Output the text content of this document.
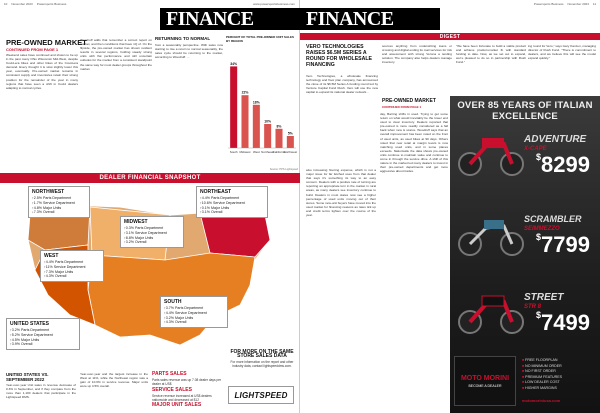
10 November 2023 Powersports Business	www.powersportsbusiness.com
FINANCE
PRE-OWNED MARKET
CONTINUED FROM PAGE 1
Weekend sales have continued and shown to be up in the past many Ohio Wisconsin Mid-West, despite Covid-era bikes and other bikes of the Covid-era demand. Every thought it is slow slightly lower this year, eventually. Pre-owned market remains in consistent supply and inventories retain their strong position for the remainder of the year in many regions that have seen a shift in Covid dealers adapting to normal cycles.
Woodruff adds that remember a correct report on market, and then conditions that have 1Q of. On the flipside, the pre-owned market has shown resilient results in several regions, holding steady strong units with flat performance and still uncertain outlooks for the market from a consistent standpoint the same way for most dealer groups throughout the market.
RETURNING TO NORMAL
from a seasonality perspective. With sales now starting to rise a return to normal seasonality, the sales cycle should be returning to the market, according to Woodruff. ...
PERCENT OF TOTAL PRE-OWNED UNIT SALES BY REGION
34%
South
22%
Midwest
18%
West
10%
Northeast
8%
California
5%
Northwest
Source: PPS Lightspeed
DEALER FINANCIAL SNAPSHOT
NORTHWEST
↑2.5% Parts Department
↑1.7% Service Department
↑4.8% Major Units
↓7.3% Overall
NORTHEAST
↑4.4% Parts Department
↑10.6% Service Department
↑0.1% Major Units
↑3.1% Overall
MIDWEST
↑0.3% Parts Department
↑3.1% Service Department
↑8.8% Major Units
↑3.2% Overall
WEST
↑4.4% Parts Department
↑11% Service Department
↑7.3% Major Units
↑4.3% Overall
SOUTH
↑3.7% Parts Department
↑4.4% Service Department
↑3.2% Major Units
↑4.3% Overall
UNITED STATES
↑3.2% Parts Department
↑5.2% Service Department
↑4.5% Major Units
↑3.9% Overall
UNITED STATES VS. SEPTEMBER 2022
Year-over-year Unit sales in revenue decrease of 0.3% in September, and if they compare from the more than 1,100 dealers that participate in the Lightspeed DMS.
Year-over-year and the largest increase in the West at 11%, while the Northeast region saw a gain of 10.6% in service revenue. Major units were up 4.5% overall.
PARTS SALES
Parts sales revenue was up 7.08 dealer days per dealer at US$
SERVICE SALES
Service revenue increased at US$ dealers nationwide and decreased at $12
MAJOR UNIT SALES
FOR MORE ON THE SAME STORE SALES DATA
For more information on the report and other industry data, contact lightspeeddms.com.
LIGHTSPEED
Powersports Business November 2023 11
FINANCE
DIGEST
VERO TECHNOLOGIES RAISES $6.5M SERIES A ROUND FOR WHOLESALE FINANCING
Vero Technologies, a wholesale financing technology and floor plan company, has announced the close of its $6.5M Series A funding round led by Venture Capital Fund Rush. Vero will use the new capital to expand its national dealer network...
sources anything from underwriting loans or crossing and digital ending its mail services for risk and assessment with strong Verona a lending solution. The company also helps dealers manage inventory.
"We have been fortunate to build a viable product and achieve product-market fit with standard funding to date. Now, as we set out to expand, we're pleased to do so in partnership with Rush Fund."
ing round for Vero," says Gary Kanzen, managing director of Rush Fund. "There is commitment to dealers, and we believe this will see the model expand quickly."
PRE-OWNED MARKET
CONTINUED FROM PAGE 1
also increasing flooring expense, which is not a major issue for far fetched uses from that dealer that says it's something its way to an easy concern. Dealers with a positive rate of turning are reporting an appropriate turn in the market in rural areas, as many dealers see inventory continue to build. Dealers in most states now see a higher percentage of used units moving out of their stores. Some new-unit buyers have moved into the used market for financing reasons as rates tick up and credit terms tighten over the course of the year.
day, Barring shifts in used. Trying to get some return on what would inevitably be the lower end used to clear inventory. Dealers reported that pre-owned is more readily considered as a fall back when new is scarce. Woodruff says that an overall improvement has been noted on the front of used units, as used bikes at 90 days. Others noted that new retail at margin levels is now matching used units, and in some places exceeds. Nationwide the data shows pre-owned units continue to maintain value and continue to come in through the service drive. A shift of this nature in the market led many dealers to invest in their pre-owned departments and get more aggressive about trades.
OVER 85 YEARS OF ITALIAN EXCELLENCE
ADVENTURE
X-CAPE
$8299
SCRAMBLER
SEIMMEZZO
$7799
STREET
STR 8
$7499
MOTO MORINI
BECOME A DEALER
■ FREE FLOORPLAN
■ NO MINIMUM ORDER
■ NO FIRST ORDER
■ PREMIUM FEATURES
■ LOW DEALER COST
■ HIGHER MARGINS
motomoriniusa.com
